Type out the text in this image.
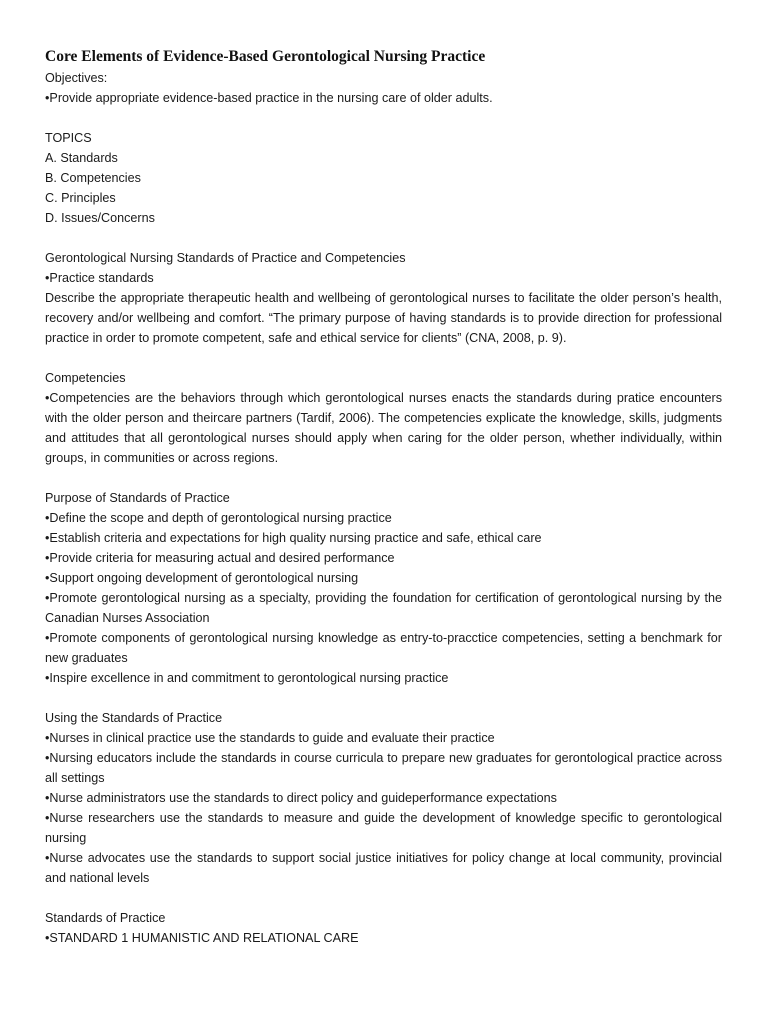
Core Elements of Evidence-Based Gerontological Nursing Practice

Objectives:

• Provide appropriate evidence-based practice in the nursing care of older adults.

TOPICS

A. Standards

B. Competencies

C. Principles

D. Issues/Concerns

Gerontological Nursing Standards of Practice and Competencies

• Practice standards

Describe the appropriate therapeutic health and wellbeing of gerontological nurses to facilitate the older person’s health, recovery and/or wellbeing and comfort. “The primary purpose of having standards is to provide direction for professional practice in order to promote competent, safe and ethical service for clients” (CNA, 2008, p. 9).

Competencies

• Competencies are the behaviors through which gerontological nurses enacts the standards during pratice encounters with the older person and theircare partners (Tardif, 2006). The competencies explicate the knowledge, skills, judgments and attitudes that all gerontological nurses should apply when caring for the older person, whether individually, within groups, in communities or across regions.

Purpose of Standards of Practice

• Define the scope and depth of gerontological nursing practice

• Establish criteria and expectations for high quality nursing practice and safe, ethical care

• Provide criteria for measuring actual and desired performance

• Support ongoing development of gerontological nursing

• Promote gerontological nursing as a specialty, providing the foundation for certification of gerontological nursing by the Canadian Nurses Association

• Promote components of gerontological nursing knowledge as entry-to-pracctice competencies, setting a benchmark for new graduates

• Inspire excellence in and commitment to gerontological nursing practice

Using the Standards of Practice

• Nurses in clinical practice use the standards to guide and evaluate their practice

• Nursing educators include the standards in course curricula to prepare new graduates for gerontological practice across all settings

• Nurse administrators use the standards to direct policy and guideperformance expectations

• Nurse researchers use the standards to measure and guide the development of knowledge specific to gerontological nursing

• Nurse advocates use the standards to support social justice initiatives for policy change at local community, provincial and national levels

Standards of Practice

• STANDARD 1 HUMANISTIC AND RELATIONAL CARE
